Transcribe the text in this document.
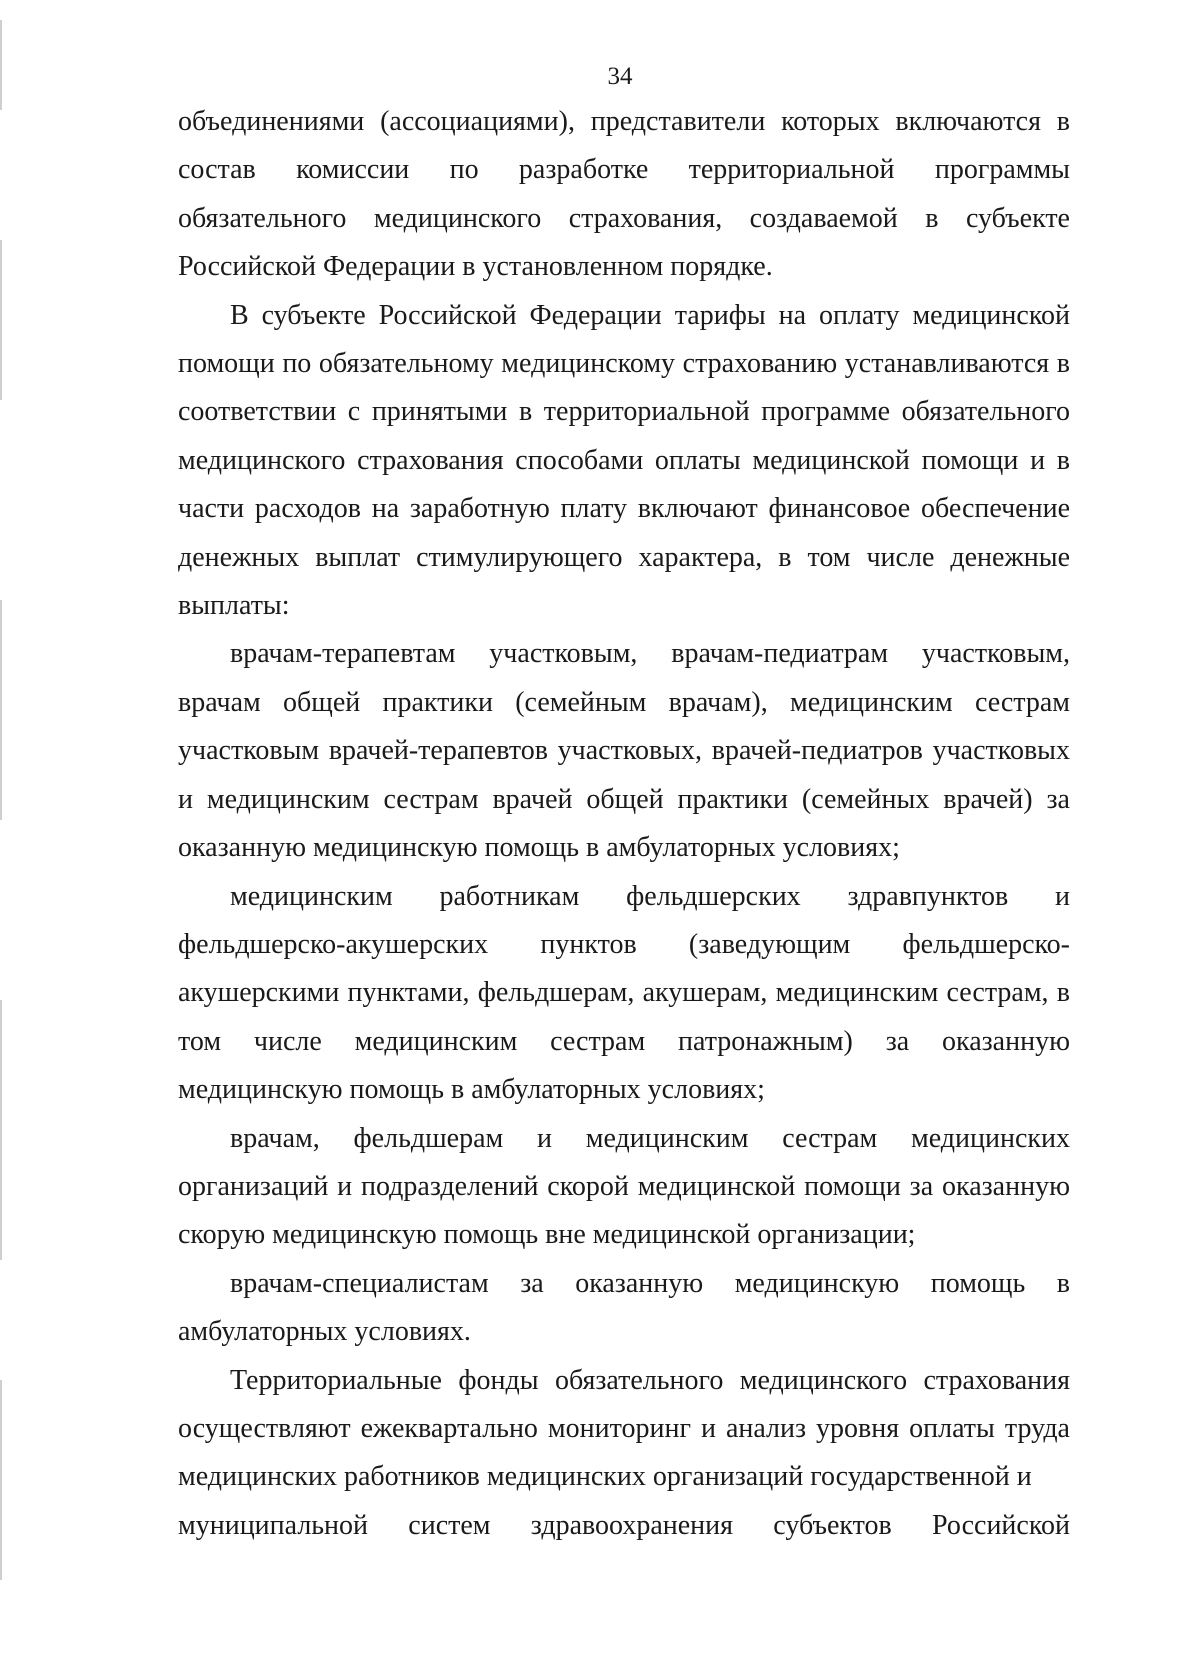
34

объединениями (ассоциациями), представители которых включаются в состав комиссии по разработке территориальной программы обязательного медицинского страхования, создаваемой в субъекте Российской Федерации в установленном порядке.

В субъекте Российской Федерации тарифы на оплату медицинской помощи по обязательному медицинскому страхованию устанавливаются в соответствии с принятыми в территориальной программе обязательного медицинского страхования способами оплаты медицинской помощи и в части расходов на заработную плату включают финансовое обеспечение денежных выплат стимулирующего характера, в том числе денежные выплаты:

врачам-терапевтам участковым, врачам-педиатрам участковым, врачам общей практики (семейным врачам), медицинским сестрам участковым врачей-терапевтов участковых, врачей-педиатров участковых и медицинским сестрам врачей общей практики (семейных врачей) за оказанную медицинскую помощь в амбулаторных условиях;

медицинским работникам фельдшерских здравпунктов и фельдшерско-акушерских пунктов (заведующим фельдшерско-акушерскими пунктами, фельдшерам, акушерам, медицинским сестрам, в том числе медицинским сестрам патронажным) за оказанную медицинскую помощь в амбулаторных условиях;

врачам, фельдшерам и медицинским сестрам медицинских организаций и подразделений скорой медицинской помощи за оказанную скорую медицинскую помощь вне медицинской организации;

врачам-специалистам за оказанную медицинскую помощь в амбулаторных условиях.

Территориальные фонды обязательного медицинского страхования осуществляют ежеквартально мониторинг и анализ уровня оплаты труда медицинских работников медицинских организаций государственной и

муниципальной систем здравоохранения субъектов Российской
